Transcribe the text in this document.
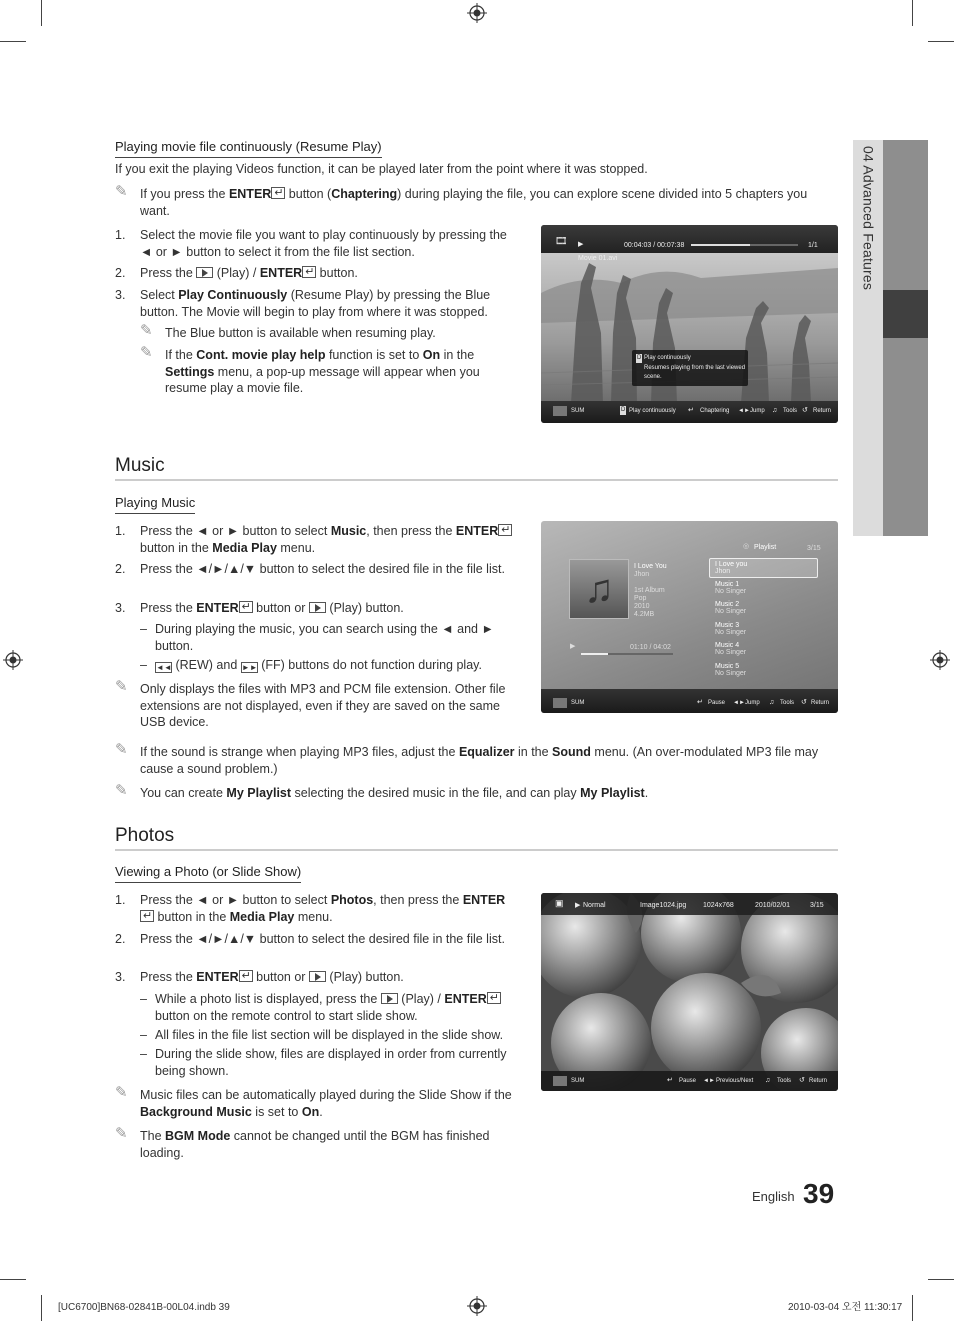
04 Advanced Features
Playing movie file continuously (Resume Play)
If you exit the playing Videos function, it can be played later from the point where it was stopped.
✎ If you press the ENTER↵ button (Chaptering) during playing the file, you can explore scene divided into 5 chapters you want.
1. Select the movie file you want to play continuously by pressing the ◄ or ► button to select it from the file list section.
2. Press the  (Play) / ENTER↵ button.
3. Select Play Continuously (Resume Play) by pressing the Blue button. The Movie will begin to play from where it was stopped.
✎ The Blue button is available when resuming play.
✎ If the Cont. movie play help function is set to On in the Settings menu, a pop-up message will appear when you resume play a movie file.
🎞 ▶	00:04:03 / 00:07:38	1/1
Movie 01.avi
D Play continuously
Resumes playing from the last viewed scene.
SUM	D Play continuously ↵ Chaptering ◄► Jump ♫ Tools ↺ Return
Music
Playing Music
1. Press the ◄ or ► button to select Music, then press the ENTER↵ button in the Media Play menu.
2. Press the ◄/►/▲/▼ button to select the desired file in the file list.
3. Press the ENTER↵ button or  (Play) button.
– During playing the music, you can search using the ◄ and ► button.
– ◄◄ (REW) and ►► (FF) buttons do not function during play.
✎ Only displays the files with MP3 and PCM file extension. Other file extensions are not displayed, even if they are saved on the same USB device.
✎ If the sound is strange when playing MP3 files, adjust the Equalizer in the Sound menu. (An over-modulated MP3 file may cause a sound problem.)
✎ You can create My Playlist selecting the desired music in the file, and can play My Playlist.
♫
I Love You
Jhon
1st Album
Pop
2010
4.2MB
▶	01:10 / 04:02
◎ Playlist	3/15
I Love you
Jhon
Music 1
No Singer
Music 2
No Singer
Music 3
No Singer
Music 4
No Singer
Music 5
No Singer
SUM	↵ Pause ◄► Jump ♫ Tools ↺ Return
Photos
Viewing a Photo (or Slide Show)
1. Press the ◄ or ► button to select Photos, then press the ENTER↵ button in the Media Play menu.
2. Press the ◄/►/▲/▼ button to select the desired file in the file list.
3. Press the ENTER↵ button or  (Play) button.
– While a photo list is displayed, press the  (Play) / ENTER↵ button on the remote control to start slide show.
– All files in the file list section will be displayed in the slide show.
– During the slide show, files are displayed in order from currently being shown.
✎ Music files can be automatically played during the Slide Show if the Background Music is set to On.
✎ The BGM Mode cannot be changed until the BGM has finished loading.
▣ ▶ Normal	Image1024.jpg 1024x768	2010/02/01	3/15
SUM	↵ Pause ◄► Previous/Next ♫ Tools ↺ Return
English 39
[UC6700]BN68-02841B-00L04.indb 39	2010-03-04 오전 11:30:17
